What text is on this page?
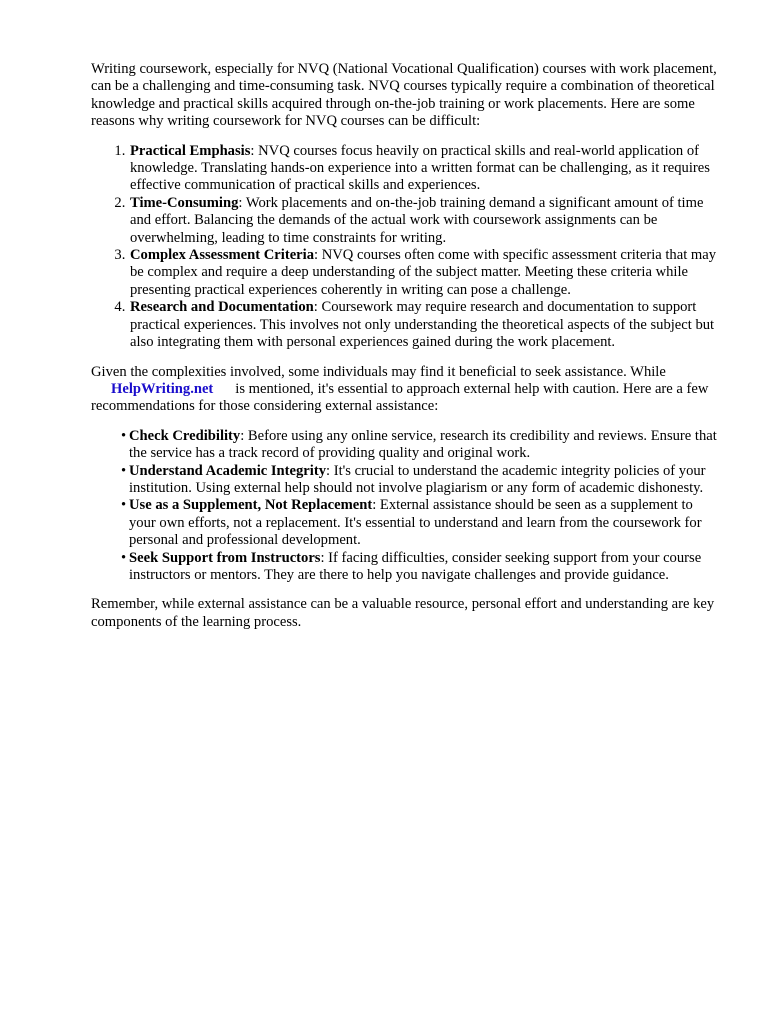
Writing coursework, especially for NVQ (National Vocational Qualification) courses with work placement, can be a challenging and time-consuming task. NVQ courses typically require a combination of theoretical knowledge and practical skills acquired through on-the-job training or work placements. Here are some reasons why writing coursework for NVQ courses can be difficult:

1. Practical Emphasis: NVQ courses focus heavily on practical skills and real-world application of knowledge. Translating hands-on experience into a written format can be challenging, as it requires effective communication of practical skills and experiences.
2. Time-Consuming: Work placements and on-the-job training demand a significant amount of time and effort. Balancing the demands of the actual work with coursework assignments can be overwhelming, leading to time constraints for writing.
3. Complex Assessment Criteria: NVQ courses often come with specific assessment criteria that may be complex and require a deep understanding of the subject matter. Meeting these criteria while presenting practical experiences coherently in writing can pose a challenge.
4. Research and Documentation: Coursework may require research and documentation to support practical experiences. This involves not only understanding the theoretical aspects of the subject but also integrating them with personal experiences gained during the work placement.

Given the complexities involved, some individuals may find it beneficial to seek assistance. While
HelpWriting.net is mentioned, it's essential to approach external help with caution. Here are a few recommendations for those considering external assistance:

• Check Credibility: Before using any online service, research its credibility and reviews. Ensure that the service has a track record of providing quality and original work.
• Understand Academic Integrity: It's crucial to understand the academic integrity policies of your institution. Using external help should not involve plagiarism or any form of academic dishonesty.
• Use as a Supplement, Not Replacement: External assistance should be seen as a supplement to your own efforts, not a replacement. It's essential to understand and learn from the coursework for personal and professional development.
• Seek Support from Instructors: If facing difficulties, consider seeking support from your course instructors or mentors. They are there to help you navigate challenges and provide guidance.

Remember, while external assistance can be a valuable resource, personal effort and understanding are key components of the learning process.
